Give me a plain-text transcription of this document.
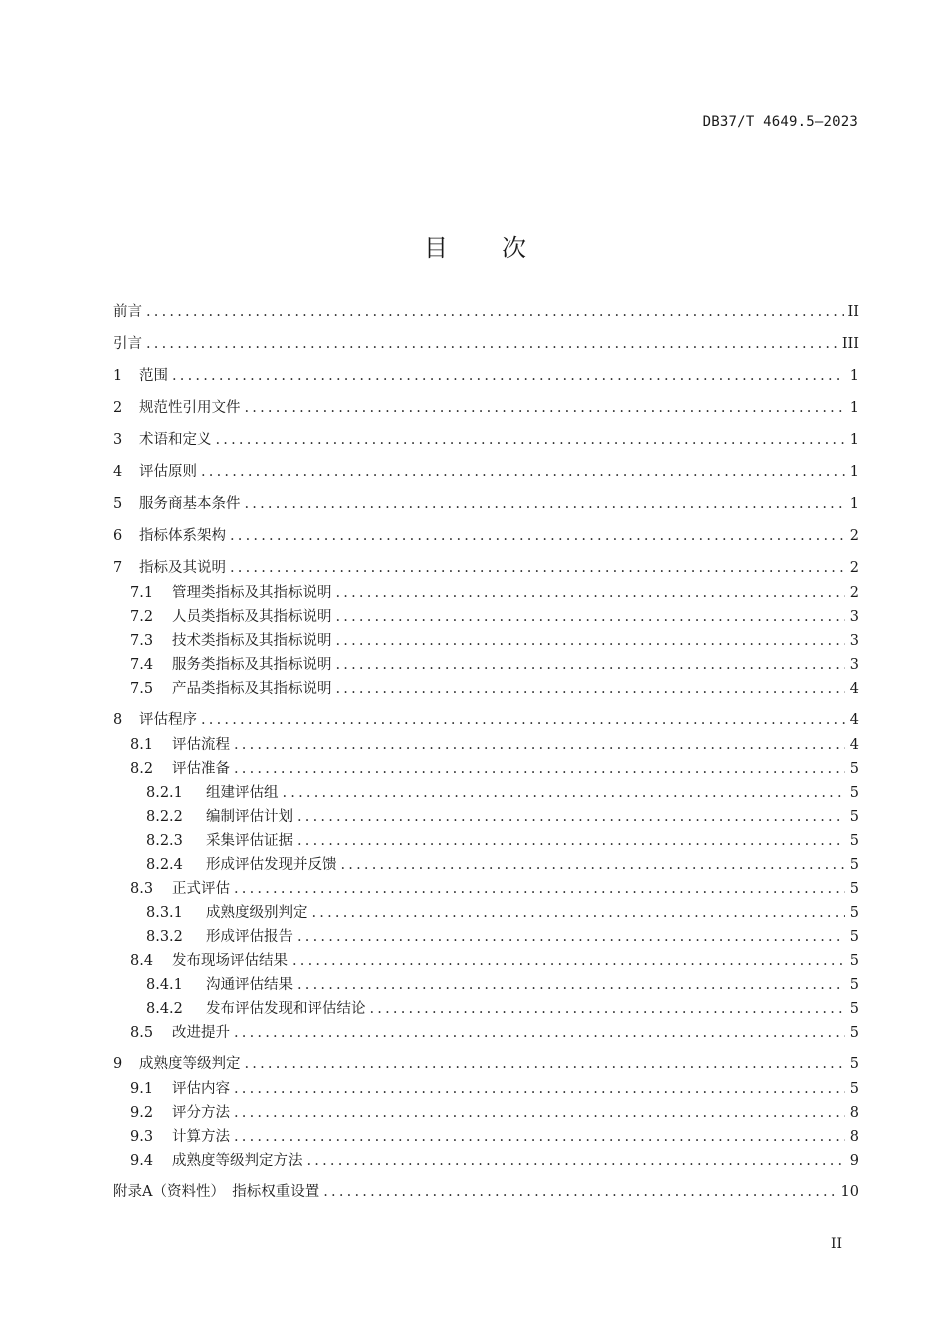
DB37/T 4649.5—2023
目次
前言 .....	II
引言 .....	III
1	范围 .....	1
2	规范性引用文件 .....	1
3	术语和定义 .....	1
4	评估原则 .....	1
5	服务商基本条件 .....	1
6	指标体系架构 .....	2
7	指标及其说明 .....	2
7.1	管理类指标及其指标说明 .....	2
7.2	人员类指标及其指标说明 .....	3
7.3	技术类指标及其指标说明 .....	3
7.4	服务类指标及其指标说明 .....	3
7.5	产品类指标及其指标说明 .....	4
8	评估程序 .....	4
8.1	评估流程 .....	4
8.2	评估准备 .....	5
8.2.1	组建评估组 .....	5
8.2.2	编制评估计划 .....	5
8.2.3	采集评估证据 .....	5
8.2.4	形成评估发现并反馈 .....	5
8.3	正式评估 .....	5
8.3.1	成熟度级别判定 .....	5
8.3.2	形成评估报告 .....	5
8.4	发布现场评估结果 .....	5
8.4.1	沟通评估结果 .....	5
8.4.2	发布评估发现和评估结论 .....	5
8.5	改进提升 .....	5
9	成熟度等级判定 .....	5
9.1	评估内容 .....	5
9.2	评分方法 .....	8
9.3	计算方法 .....	8
9.4	成熟度等级判定方法 .....	9
附录A（资料性）　指标权重设置 .....	10
II
